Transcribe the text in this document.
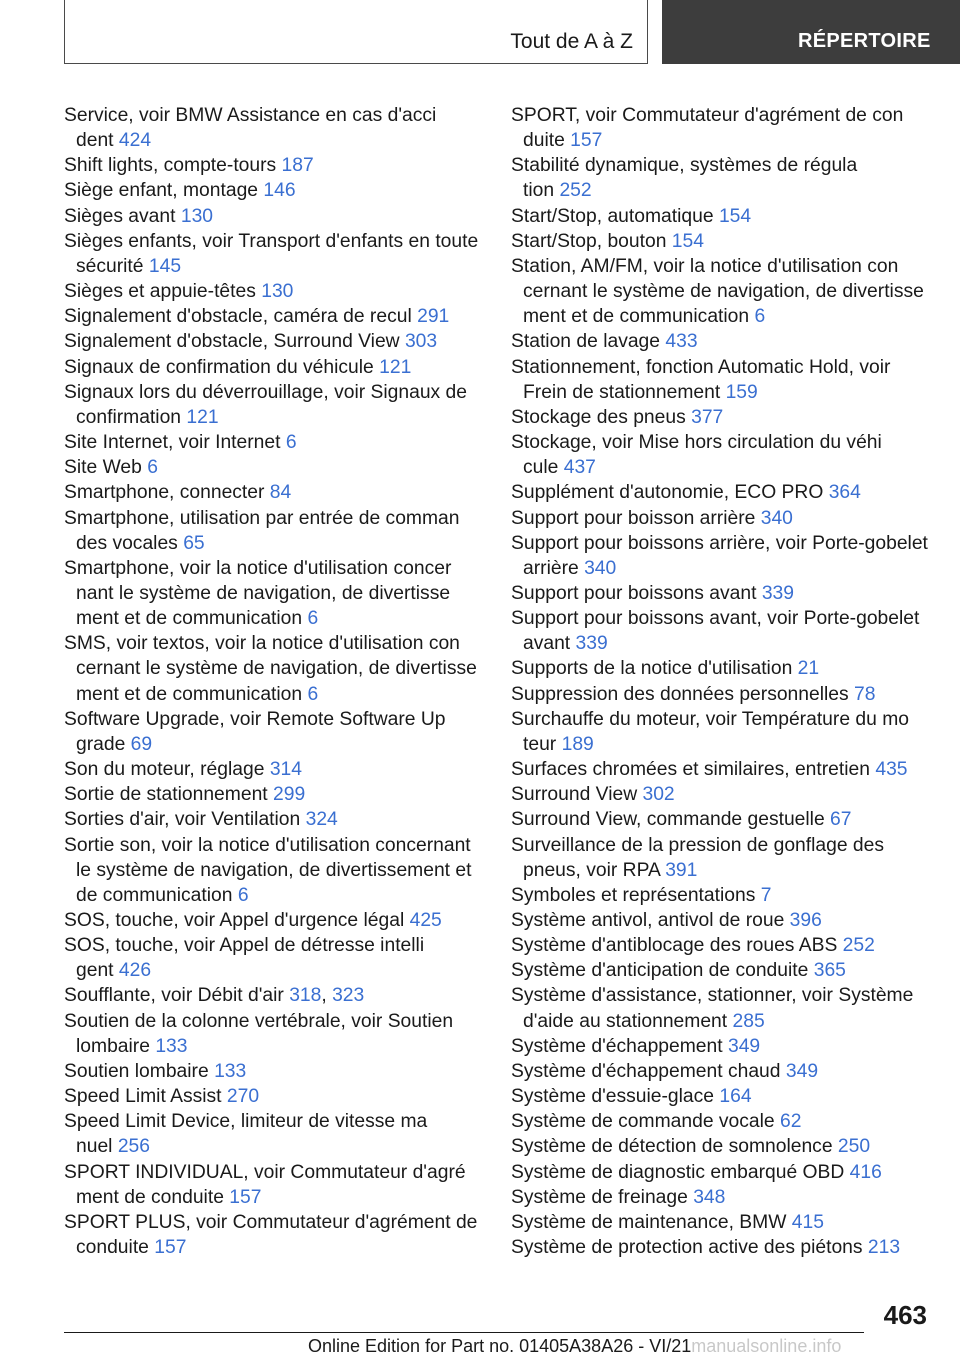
Tout de A à Z	RÉPERTOIRE
Service, voir BMW Assistance en cas d'acci
dent 424
Shift lights, compte-tours 187
Siège enfant, montage 146
Sièges avant 130
Sièges enfants, voir Transport d'enfants en toute
sécurité 145
Sièges et appuie-têtes 130
Signalement d'obstacle, caméra de recul 291
Signalement d'obstacle, Surround View 303
Signaux de confirmation du véhicule 121
Signaux lors du déverrouillage, voir Signaux de
confirmation 121
Site Internet, voir Internet 6
Site Web 6
Smartphone, connecter 84
Smartphone, utilisation par entrée de comman
des vocales 65
Smartphone, voir la notice d'utilisation concer
nant le système de navigation, de divertisse
ment et de communication 6
SMS, voir textos, voir la notice d'utilisation con
cernant le système de navigation, de divertisse
ment et de communication 6
Software Upgrade, voir Remote Software Up
grade 69
Son du moteur, réglage 314
Sortie de stationnement 299
Sorties d'air, voir Ventilation 324
Sortie son, voir la notice d'utilisation concernant
le système de navigation, de divertissement et
de communication 6
SOS, touche, voir Appel d'urgence légal 425
SOS, touche, voir Appel de détresse intelli
gent 426
Soufflante, voir Débit d'air 318, 323
Soutien de la colonne vertébrale, voir Soutien
lombaire 133
Soutien lombaire 133
Speed Limit Assist 270
Speed Limit Device, limiteur de vitesse ma
nuel 256
SPORT INDIVIDUAL, voir Commutateur d'agré
ment de conduite 157
SPORT PLUS, voir Commutateur d'agrément de
conduite 157
SPORT, voir Commutateur d'agrément de con
duite 157
Stabilité dynamique, systèmes de régula
tion 252
Start/Stop, automatique 154
Start/Stop, bouton 154
Station, AM/FM, voir la notice d'utilisation con
cernant le système de navigation, de divertisse
ment et de communication 6
Station de lavage 433
Stationnement, fonction Automatic Hold, voir
Frein de stationnement 159
Stockage des pneus 377
Stockage, voir Mise hors circulation du véhi
cule 437
Supplément d'autonomie, ECO PRO 364
Support pour boisson arrière 340
Support pour boissons arrière, voir Porte-gobelet
arrière 340
Support pour boissons avant 339
Support pour boissons avant, voir Porte-gobelet
avant 339
Supports de la notice d'utilisation 21
Suppression des données personnelles 78
Surchauffe du moteur, voir Température du mo
teur 189
Surfaces chromées et similaires, entretien 435
Surround View 302
Surround View, commande gestuelle 67
Surveillance de la pression de gonflage des
pneus, voir RPA 391
Symboles et représentations 7
Système antivol, antivol de roue 396
Système d'antiblocage des roues ABS 252
Système d'anticipation de conduite 365
Système d'assistance, stationner, voir Système
d'aide au stationnement 285
Système d'échappement 349
Système d'échappement chaud 349
Système d'essuie-glace 164
Système de commande vocale 62
Système de détection de somnolence 250
Système de diagnostic embarqué OBD 416
Système de freinage 348
Système de maintenance, BMW 415
Système de protection active des piétons 213
463
Online Edition for Part no. 01405A38A26 - VI/21manualsonline.info
